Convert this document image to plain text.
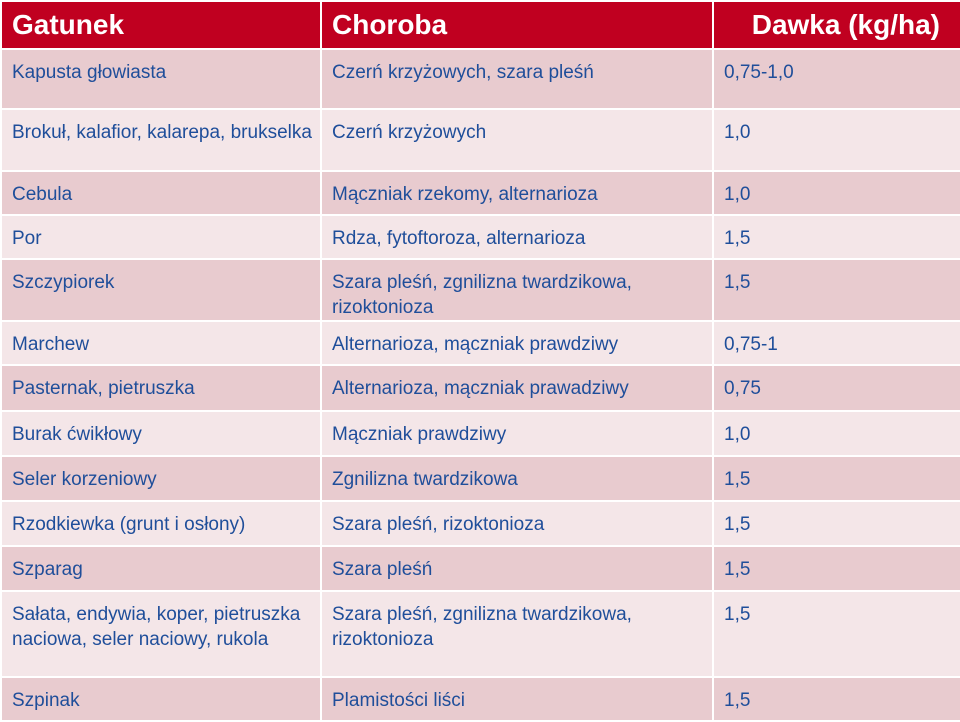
Gatunek	Choroba	Dawka (kg/ha)
Kapusta głowiasta	Czerń krzyżowych, szara pleśń	0,75-1,0
Brokuł, kalafior, kalarepa, brukselka	Czerń krzyżowych	1,0
Cebula	Mączniak rzekomy, alternarioza	1,0
Por	Rdza, fytoftoroza, alternarioza	1,5
Szczypiorek	Szara pleśń, zgnilizna twardzikowa, rizoktonioza	1,5
Marchew	Alternarioza, mączniak prawdziwy	0,75-1
Pasternak, pietruszka	Alternarioza, mączniak prawadziwy	0,75
Burak ćwikłowy	Mączniak prawdziwy	1,0
Seler korzeniowy	Zgnilizna twardzikowa	1,5
Rzodkiewka (grunt i osłony)	Szara pleśń, rizoktonioza	1,5
Szparag	Szara pleśń	1,5
Sałata, endywia, koper, pietruszka naciowa, seler naciowy, rukola	Szara pleśń, zgnilizna twardzikowa, rizoktonioza	1,5
Szpinak	Plamistości liści	1,5
